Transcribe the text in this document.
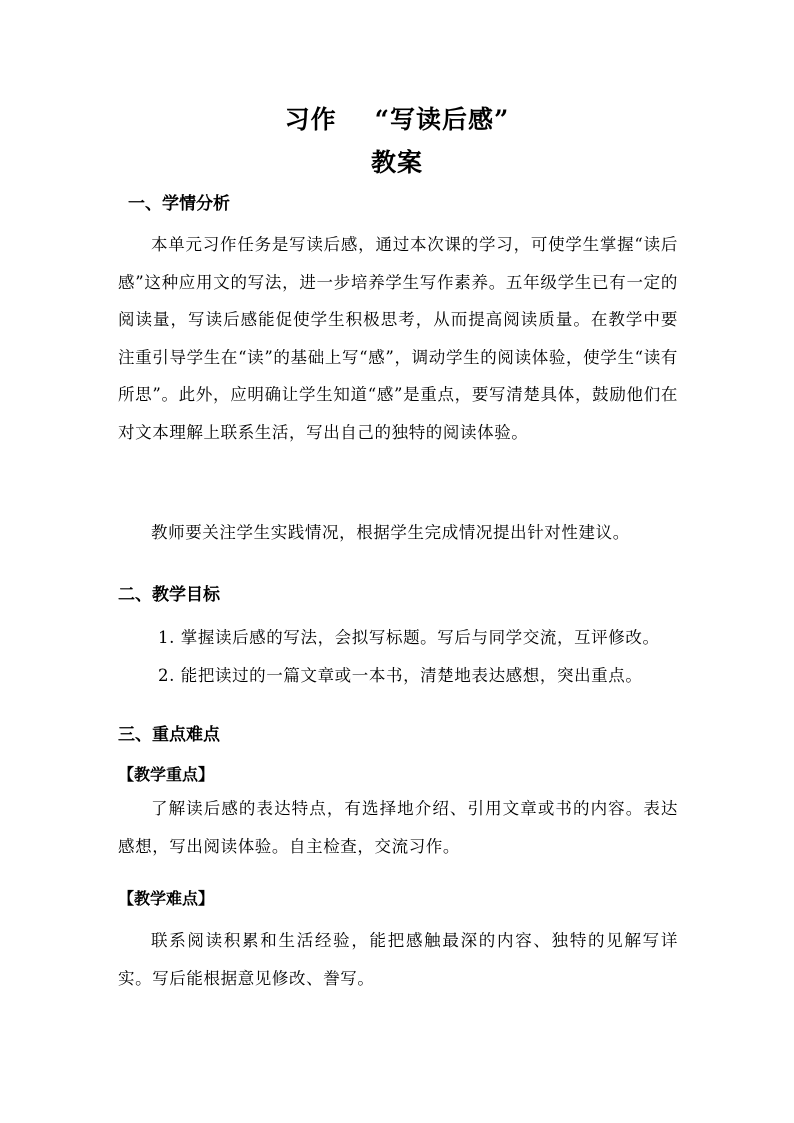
习作 “写读后感”
教案
一、学情分析
本单元习作任务是写读后感，通过本次课的学习，可使学生掌握“读后感”这种应用文的写法，进一步培养学生写作素养。五年级学生已有一定的阅读量，写读后感能促使学生积极思考，从而提高阅读质量。在教学中要注重引导学生在“读”的基础上写“感”，调动学生的阅读体验，使学生“读有所思”。此外，应明确让学生知道“感”是重点，要写清楚具体，鼓励他们在对文本理解上联系生活，写出自己的独特的阅读体验。
教师要关注学生实践情况，根据学生完成情况提出针对性建议。
二、教学目标
1. 掌握读后感的写法，会拟写标题。写后与同学交流，互评修改。
2. 能把读过的一篇文章或一本书，清楚地表达感想，突出重点。
三、重点难点
【教学重点】
了解读后感的表达特点，有选择地介绍、引用文章或书的内容。表达感想，写出阅读体验。自主检查，交流习作。
【教学难点】
联系阅读积累和生活经验，能把感触最深的内容、独特的见解写详实。写后能根据意见修改、誊写。
